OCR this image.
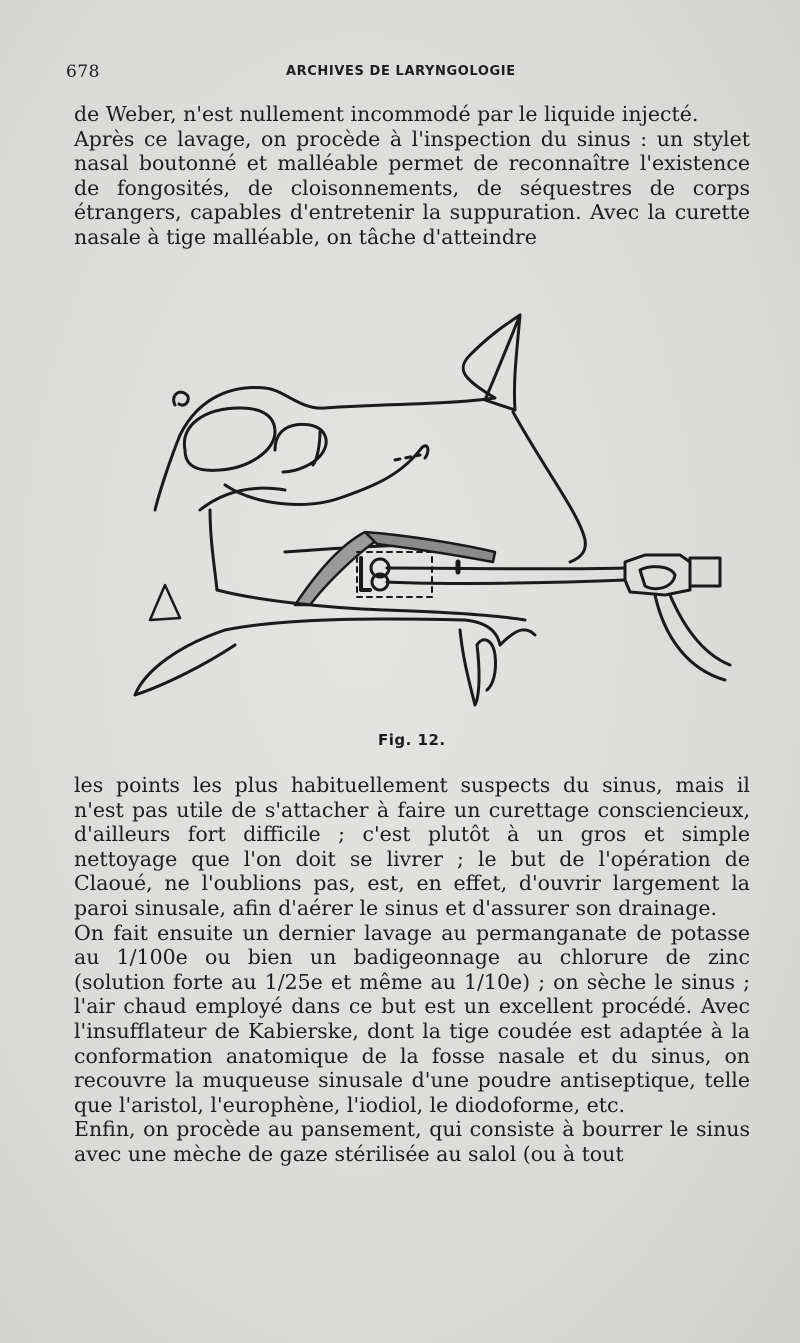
678	ARCHIVES DE LARYNGOLOGIE

de Weber, n'est nullement incommodé par le liquide injecté.

Après ce lavage, on procède à l'inspection du sinus : un stylet nasal boutonné et malléable permet de reconnaître l'existence de fongosités, de cloisonnements, de séquestres de corps étrangers, capables d'entretenir la suppuration. Avec la curette nasale à tige malléable, on tâche d'atteindre

Fig. 12.

les points les plus habituellement suspects du sinus, mais il n'est pas utile de s'attacher à faire un curettage consciencieux, d'ailleurs fort difficile ; c'est plutôt à un gros et simple nettoyage que l'on doit se livrer ; le but de l'opération de Claoué, ne l'oublions pas, est, en effet, d'ouvrir largement la paroi sinusale, afin d'aérer le sinus et d'assurer son drainage.

On fait ensuite un dernier lavage au permanganate de potasse au 1/100e ou bien un badigeonnage au chlorure de zinc (solution forte au 1/25e et même au 1/10e) ; on sèche le sinus ; l'air chaud employé dans ce but est un excellent procédé. Avec l'insufflateur de Kabierske, dont la tige coudée est adaptée à la conformation anatomique de la fosse nasale et du sinus, on recouvre la muqueuse sinusale d'une poudre antiseptique, telle que l'aristol, l'europhène, l'iodiol, le diodoforme, etc.

Enfin, on procède au pansement, qui consiste à bourrer le sinus avec une mèche de gaze stérilisée au salol (ou à tout
